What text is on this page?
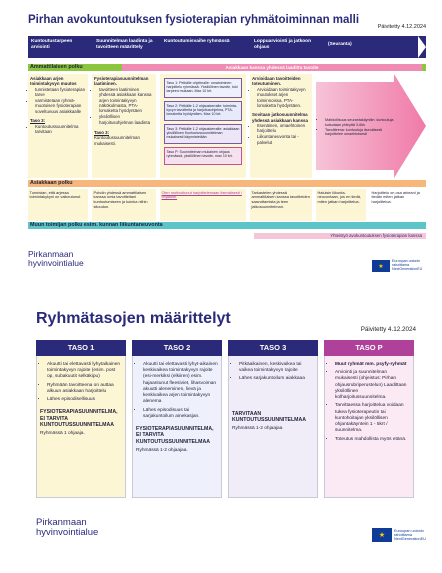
Pirhan avokuntoutuksen fysioterapian ryhmätoiminnan malli
Päivitetty 4.12.2024
Kuntoutustarpeen arviointi
Suunnitelman laadinta ja tavoitteen määrittely
Kuntoutumisvaihe ryhmässä	Loppuarviointi ja jatkoon ohjaus
(Seuranta)
Ammattilaisen polku	Asiakkaan kanssa yhdessä laadittu tavoite
Asiakkaan arjen toimintakyvyn muutos
• tunnistetaan fysioterapian tarve
• varmistetaan ryhmä-muotoisen fysioterapian soveltuvuus asiakkaalle
Taso 3:
• Kuntoutussuunnitelma tarvitaan
Fysioterapiasuunnitelman laatiminen.
• tavoitteen laatiminen yhdessä asiakkaan kanssa arjen toimintakyvyn näkökulmasta, PTA-lomaketta hyödyntäen
• yksilöllisen harjoitusohjelman laadinta
Taso 3:
Kuntoutussuunnitelman mukaisesti.
Taso 1: Pelkälle ohjelmalle: omatoiminen harjoittelu ryhmässä. Yksilöllinen tavoite, tuki tarpeen mukaan. Max 10 krt.
Taso 2: Pelkälle 1-2 ohjauskerralle: toiminta-kyvyn tavoitteita ja harjoitusohjelma, PTA-lomaketta hyödyntäen. Max 10 krt.
Taso 3: Pelkälle 1-2 ohjauskerralle: asiakkaan yksilöllinen Kuntoutussuunnitelman mukaisesti käynnistetään
Taso P: Suunnitelman mukainen ohjaus ryhmässä, yksilöllinen tavoite, max 10 krt.
Arvioidaan tavoitteiden toteutuminen.
• Arvioidaan toimintakyvyn muutokset arjen toiminnoissa, PTA-lomaketta hyödyntäen.
Sovitaan jatkosuunnitelma yhdessä asiakkaan kanssa
• Itsenäinen, omaehtoinen harjoittelu
• Liikuntaneuvonta tai -palvelut
• Mahdollisuus seurantakäyntiin: kuntoutuja kutsutaan yhteyttä 3-6kk
• Tavoitteena: kuntoutuja itsenäisesti harjoittelee omaehtoisesti
Asiakkaan polku
Tunnistan, että arjessa toimintakykyni on vaikeutunut
Pohdin yhdessä ammattilaisen kanssa omia tavoitteitani kuntoutumiseen ja kuinka niihin sitoudun.
Olen motivoitunut harjoittelemaan itsenäisesti / ohjatusti.
Tarkastelen yhdessä ammattilaisen kanssa tavoitteiden saavuttamista ja teen jatkosuunnitelman.
Haluisin liikunta-neuvontaan, jos en tiedä, miten jatkan harjoittelua.
Harjoittelu on osa arkeani ja tiedän miten jatkan harjoittelua.
Muun toimijan polku esim. kunnan liikuntaneuvonta
Yhteistyö avokuntoutuksen fysioterapian kanssa
Pirkanmaan
hyvinvointialue	★
Euroopan unionin
rahoittama
NextGenerationEU
Ryhmätasojen määrittelyt
Päivitetty 4.12.2024
TASO 1
• Akuutti tai elettavasti lyhytaikainen toimintakyvyn rajoite (esim. post op, subakuutit selkäkipu)
• Ryhmään tavoitteena on auttaa alkuun asiakkaan harjoittelu
• Lähes episodisellisuus
FYSIOTERAPIASUUNNITELMA, EI TARVITA KUNTOUTUSSUUNNITELMAA
Ryhmässä 1 ohjaaja.
TASO 2
• Akuutti tai elettavasti lyhyt-aikainen keskivaikea toimintakyvyn rajoite (esi-merkiksi (elkiiren) esim. hajaantunut fleesiviet, lihasvoiman akuutti aleneminen, lievä ja keskivaikea arjen toimintakyvyn alenema
• Lähes episodisuus tai sarjakuntoilum ainekasjan.
FYSIOTERAPIASUUNNITELMA, EI TARVITA KUNTOUTUSSUUNNITELMAA
Ryhmässä 1-2 ohjaajaa.
TASO 3
• Pitkäaikainen, keskivaikea tai vaikea toimintakyvyn rajoite
• Lähes sarjakuntoilum aiakkaaa
TARVITAAN KUNTOUTUSSUUNNITELMAA
Ryhmässä 1-2 ohjaajaa
TASO P
• Muut ryhmät mm. psyfy-ryhmät
• Arviointi ja suunnitelman mukaisesti (ohjeistus: Pirhan ohjausrubriperustelun) Laadittaan yksilöllinen kolharjoitussuunnitelma.
• Tarvittaessa harjoittelua voidaan tukea fysioterapeutin tai kuntohoitajan yksilöllisen ohjantakäyntein 1 - 5krt / suunnitelma.
• Toteutus mahdollista myös etänä.
Pirkanmaan
hyvinvointialue	★
Euroopan unionin
rahoittama
NextGenerationEU
